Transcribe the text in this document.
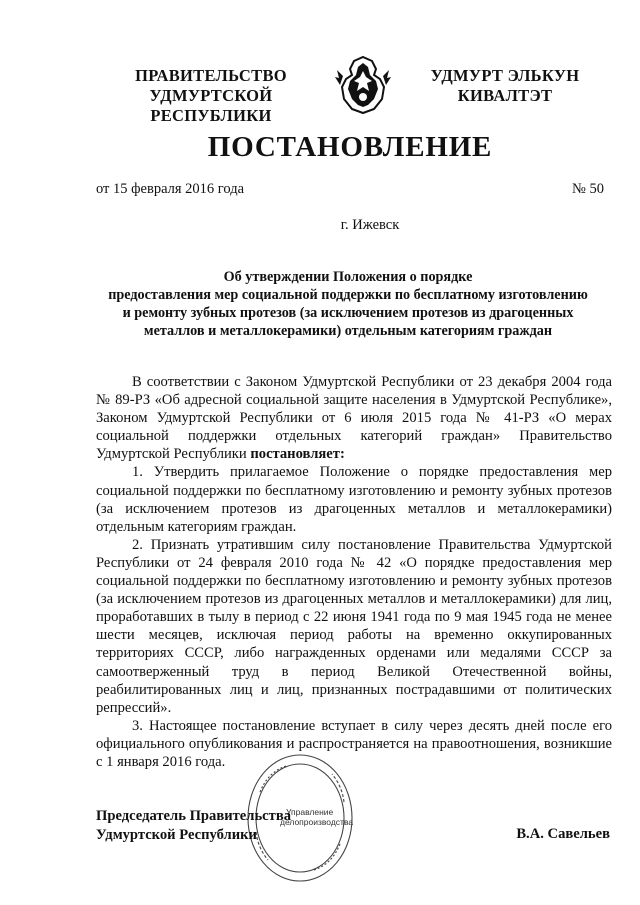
ПРАВИТЕЛЬСТВО
УДМУРТСКОЙ РЕСПУБЛИКИ
УДМУРТ ЭЛЬКУН
КИВАЛТЭТ
ПОСТАНОВЛЕНИЕ
от 15 февраля 2016 года	№ 50
г. Ижевск
Об утверждении Положения о порядке
предоставления мер социальной поддержки по бесплатному изготовлению
и ремонту зубных протезов (за исключением протезов из драгоценных
металлов и металлокерамики) отдельным категориям граждан

В соответствии с Законом Удмуртской Республики от 23 декабря 2004 года № 89-РЗ «Об адресной социальной защите населения в Удмуртской Республике», Законом Удмуртской Республики от 6 июля 2015 года № 41-РЗ «О мерах социальной поддержки отдельных категорий граждан» Правительство Удмуртской Республики постановляет:

1. Утвердить прилагаемое Положение о порядке предоставления мер социальной поддержки по бесплатному изготовлению и ремонту зубных протезов (за исключением протезов из драгоценных металлов и металлокерамики) отдельным категориям граждан.

2. Признать утратившим силу постановление Правительства Удмуртской Республики от 24 февраля 2010 года № 42 «О порядке предоставления мер социальной поддержки по бесплатному изготовлению и ремонту зубных протезов (за исключением протезов из драгоценных металлов и металлокерамики) для лиц, проработавших в тылу в период с 22 июня 1941 года по 9 мая 1945 года не менее шести месяцев, исключая период работы на временно оккупированных территориях СССР, либо награжденных орденами или медалями СССР за самоотверженный труд в период Великой Отечественной войны, реабилитированных лиц и лиц, признанных пострадавшими от политических репрессий».

3. Настоящее постановление вступает в силу через десять дней после его официального опубликования и распространяется на правоотношения, возникшие с 1 января 2016 года.

Управление
делопроизводства
Председатель Правительства
Удмуртской Республики	В.А. Савельев
